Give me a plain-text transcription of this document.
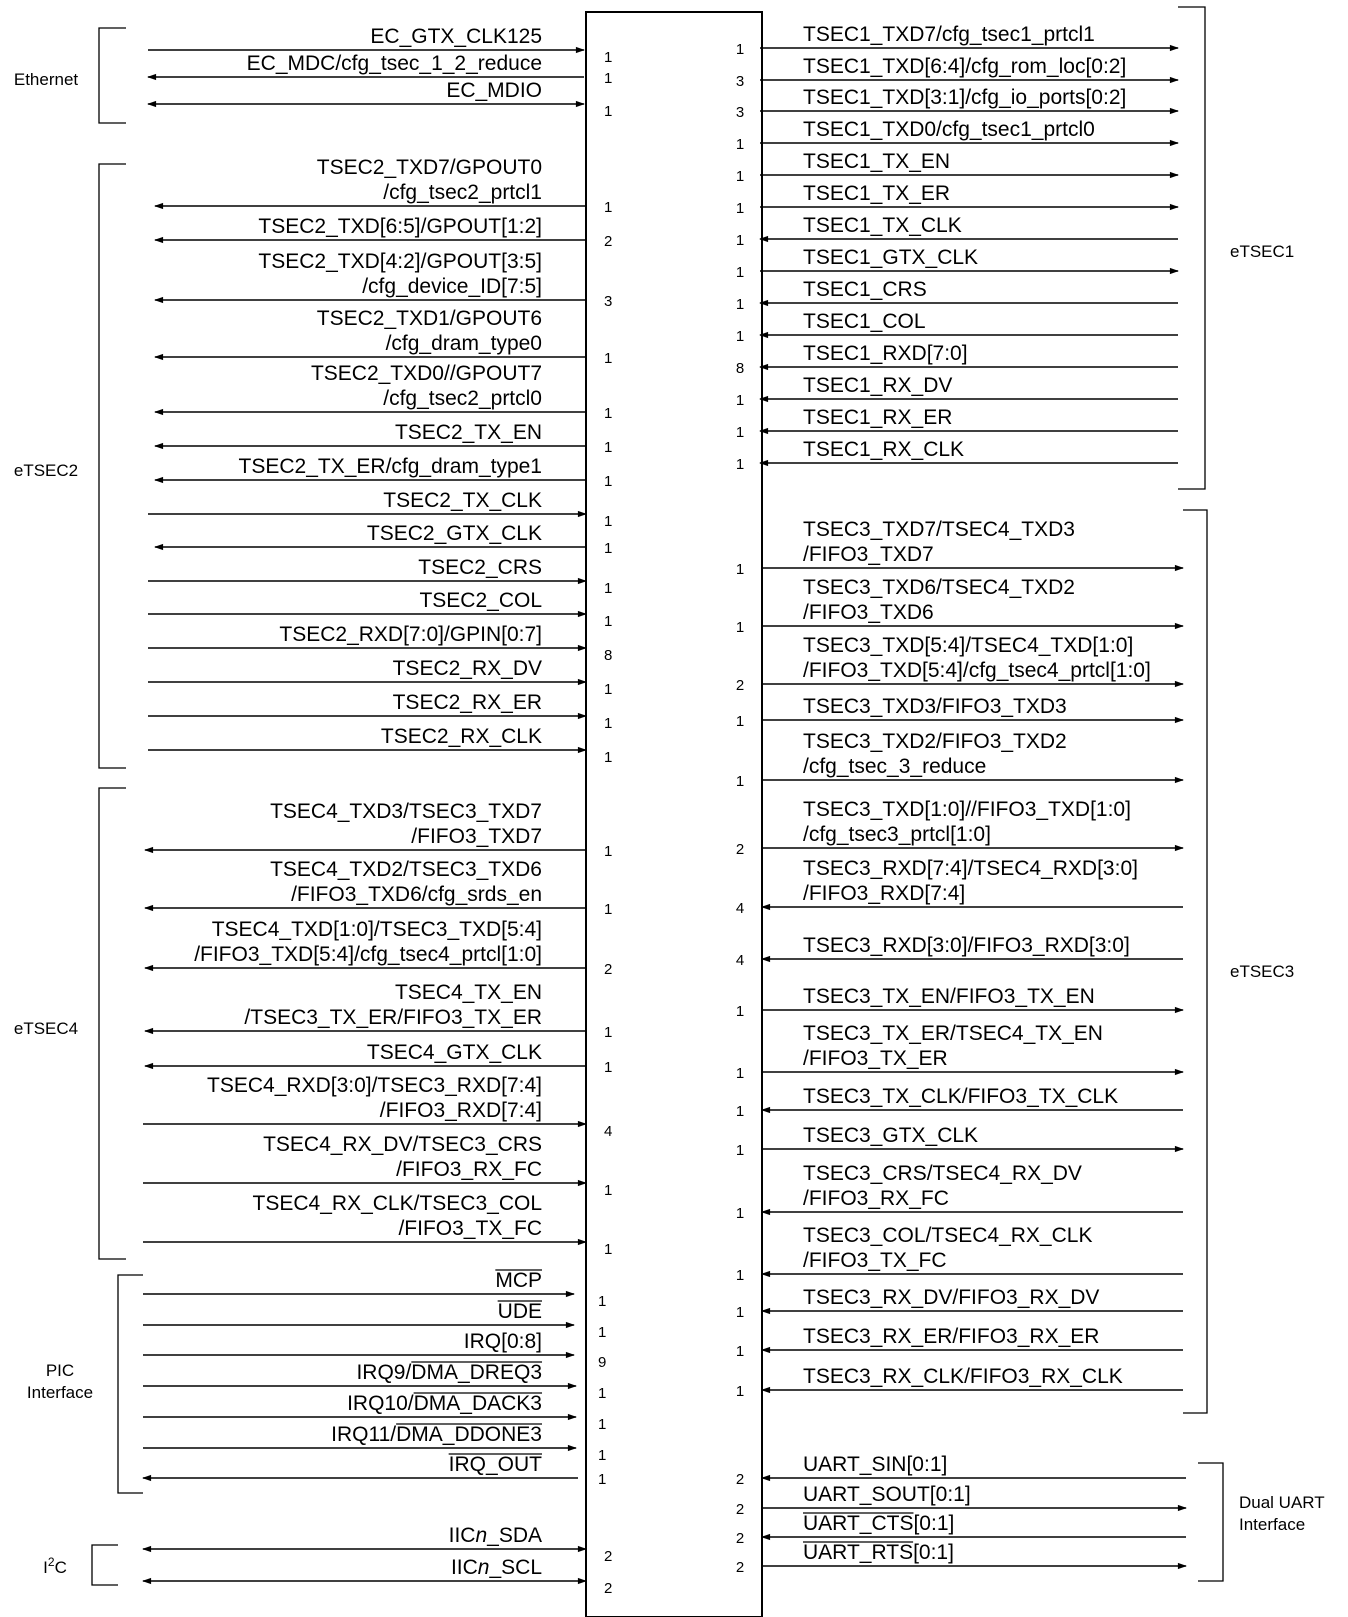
EC_GTX_CLK125
1
EC_MDC/cfg_tsec_1_2_reduce
1
EC_MDIO
1
TSEC2_TXD7/GPOUT0
/cfg_tsec2_prtcl1
1
TSEC2_TXD[6:5]/GPOUT[1:2]
2
TSEC2_TXD[4:2]/GPOUT[3:5]
/cfg_device_ID[7:5]
3
TSEC2_TXD1/GPOUT6
/cfg_dram_type0
1
TSEC2_TXD0//GPOUT7
/cfg_tsec2_prtcl0
1
TSEC2_TX_EN
1
TSEC2_TX_ER/cfg_dram_type1
1
TSEC2_TX_CLK
1
TSEC2_GTX_CLK
1
TSEC2_CRS
1
TSEC2_COL
1
TSEC2_RXD[7:0]/GPIN[0:7]
8
TSEC2_RX_DV
1
TSEC2_RX_ER
1
TSEC2_RX_CLK
1
TSEC4_TXD3/TSEC3_TXD7
/FIFO3_TXD7
1
TSEC4_TXD2/TSEC3_TXD6
/FIFO3_TXD6/cfg_srds_en
1
TSEC4_TXD[1:0]/TSEC3_TXD[5:4]
/FIFO3_TXD[5:4]/cfg_tsec4_prtcl[1:0]
2
TSEC4_TX_EN
/TSEC3_TX_ER/FIFO3_TX_ER
1
TSEC4_GTX_CLK
1
TSEC4_RXD[3:0]/TSEC3_RXD[7:4]
/FIFO3_RXD[7:4]
4
TSEC4_RX_DV/TSEC3_CRS
/FIFO3_RX_FC
1
TSEC4_RX_CLK/TSEC3_COL
/FIFO3_TX_FC
1
MCP
1
UDE
1
IRQ[0:8]
9
IRQ9/DMA_DREQ3
1
IRQ10/DMA_DACK3
1
IRQ11/DMA_DDONE3
1
IRQ_OUT
1
IICn_SDA
2
IICn_SCL
2
TSEC1_TXD7/cfg_tsec1_prtcl1
1
TSEC1_TXD[6:4]/cfg_rom_loc[0:2]
3
TSEC1_TXD[3:1]/cfg_io_ports[0:2]
3
TSEC1_TXD0/cfg_tsec1_prtcl0
1
TSEC1_TX_EN
1
TSEC1_TX_ER
1
TSEC1_TX_CLK
1
TSEC1_GTX_CLK
1
TSEC1_CRS
1
TSEC1_COL
1
TSEC1_RXD[7:0]
8
TSEC1_RX_DV
1
TSEC1_RX_ER
1
TSEC1_RX_CLK
1
TSEC3_TXD7/TSEC4_TXD3
/FIFO3_TXD7
1
TSEC3_TXD6/TSEC4_TXD2
/FIFO3_TXD6
1
TSEC3_TXD[5:4]/TSEC4_TXD[1:0]
/FIFO3_TXD[5:4]/cfg_tsec4_prtcl[1:0]
2
TSEC3_TXD3/FIFO3_TXD3
1
TSEC3_TXD2/FIFO3_TXD2
/cfg_tsec_3_reduce
1
TSEC3_TXD[1:0]//FIFO3_TXD[1:0]
/cfg_tsec3_prtcl[1:0]
2
TSEC3_RXD[7:4]/TSEC4_RXD[3:0]
/FIFO3_RXD[7:4]
4
TSEC3_RXD[3:0]/FIFO3_RXD[3:0]
4
TSEC3_TX_EN/FIFO3_TX_EN
1
TSEC3_TX_ER/TSEC4_TX_EN
/FIFO3_TX_ER
1
TSEC3_TX_CLK/FIFO3_TX_CLK
1
TSEC3_GTX_CLK
1
TSEC3_CRS/TSEC4_RX_DV
/FIFO3_RX_FC
1
TSEC3_COL/TSEC4_RX_CLK
/FIFO3_TX_FC
1
TSEC3_RX_DV/FIFO3_RX_DV
1
TSEC3_RX_ER/FIFO3_RX_ER
1
TSEC3_RX_CLK/FIFO3_RX_CLK
1
UART_SIN[0:1]
2
UART_SOUT[0:1]
2
UART_CTS[0:1]
2
UART_RTS[0:1]
2
Ethernet
eTSEC2
eTSEC4
PIC
Interface
$I^2C$
eTSEC1
eTSEC3
Dual UART
Interface
